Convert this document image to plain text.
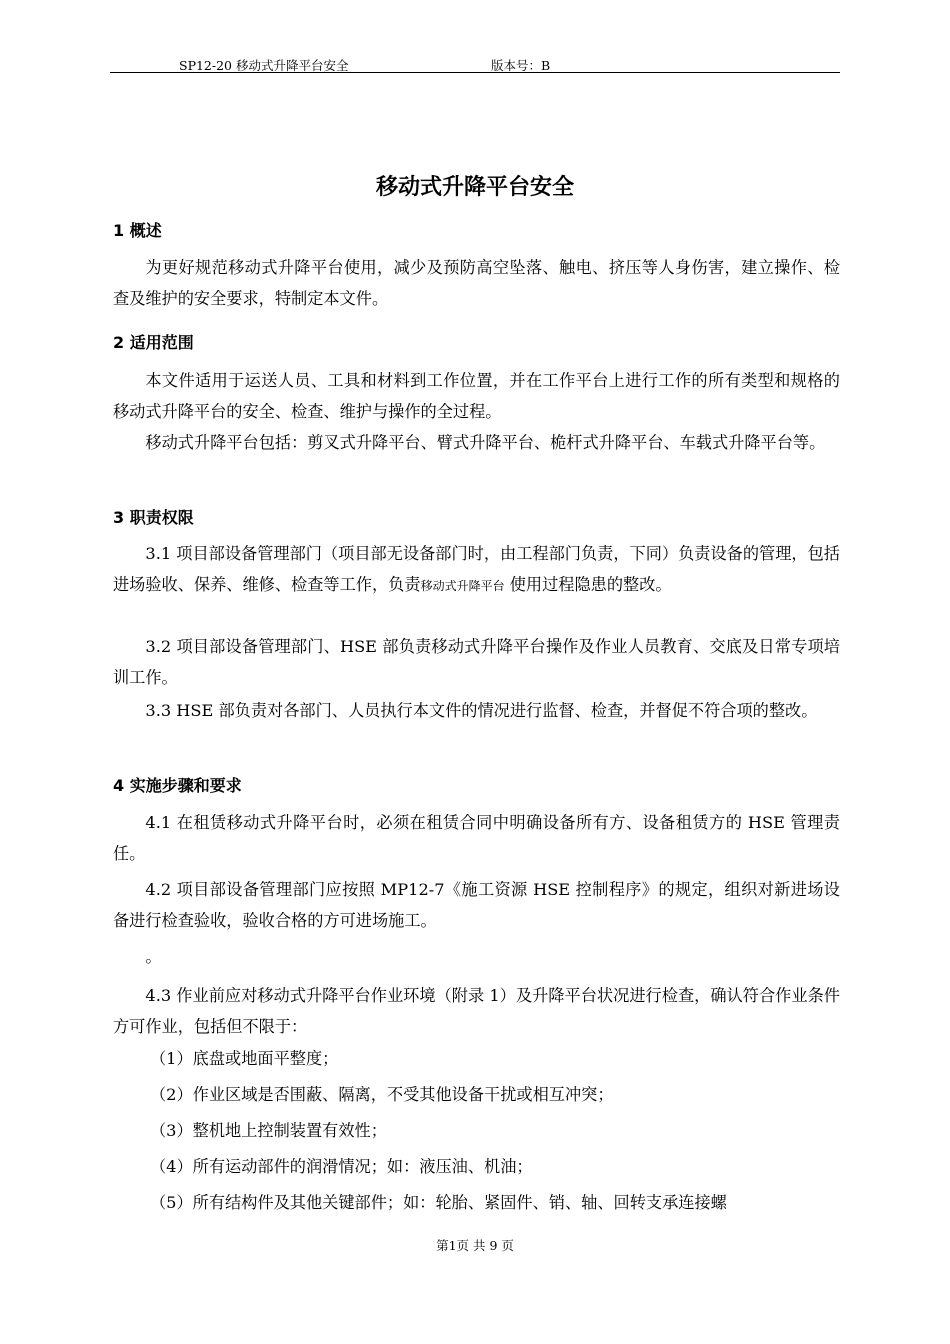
SP12-20 移动式升降平台安全	版本号：B
移动式升降平台安全
1 概述

为更好规范移动式升降平台使用，减少及预防高空坠落、触电、挤压等人身伤害，建立操作、检查及维护的安全要求，特制定本文件。

2 适用范围

本文件适用于运送人员、工具和材料到工作位置，并在工作平台上进行工作的所有类型和规格的移动式升降平台的安全、检查、维护与操作的全过程。

移动式升降平台包括：剪叉式升降平台、臂式升降平台、桅杆式升降平台、车载式升降平台等。

3 职责权限

3.1 项目部设备管理部门（项目部无设备部门时，由工程部门负责，下同）负责设备的管理，包括进场验收、保养、维修、检查等工作，负责移动式升降平台 使用过程隐患的整改。

3.2 项目部设备管理部门、HSE 部负责移动式升降平台操作及作业人员教育、交底及日常专项培训工作。

3.3 HSE 部负责对各部门、人员执行本文件的情况进行监督、检查，并督促不符合项的整改。

4 实施步骤和要求

4.1 在租赁移动式升降平台时，必须在租赁合同中明确设备所有方、设备租赁方的 HSE 管理责任。

4.2 项目部设备管理部门应按照 MP12-7《施工资源 HSE 控制程序》的规定，组织对新进场设备进行检查验收，验收合格的方可进场施工。

。

4.3 作业前应对移动式升降平台作业环境（附录 1）及升降平台状况进行检查，确认符合作业条件方可作业，包括但不限于：

（1）底盘或地面平整度；

（2）作业区域是否围蔽、隔离，不受其他设备干扰或相互冲突；

（3）整机地上控制装置有效性；

（4）所有运动部件的润滑情况；如：液压油、机油；

（5）所有结构件及其他关键部件；如：轮胎、紧固件、销、轴、回转支承连接螺

第1页 共 9 页
